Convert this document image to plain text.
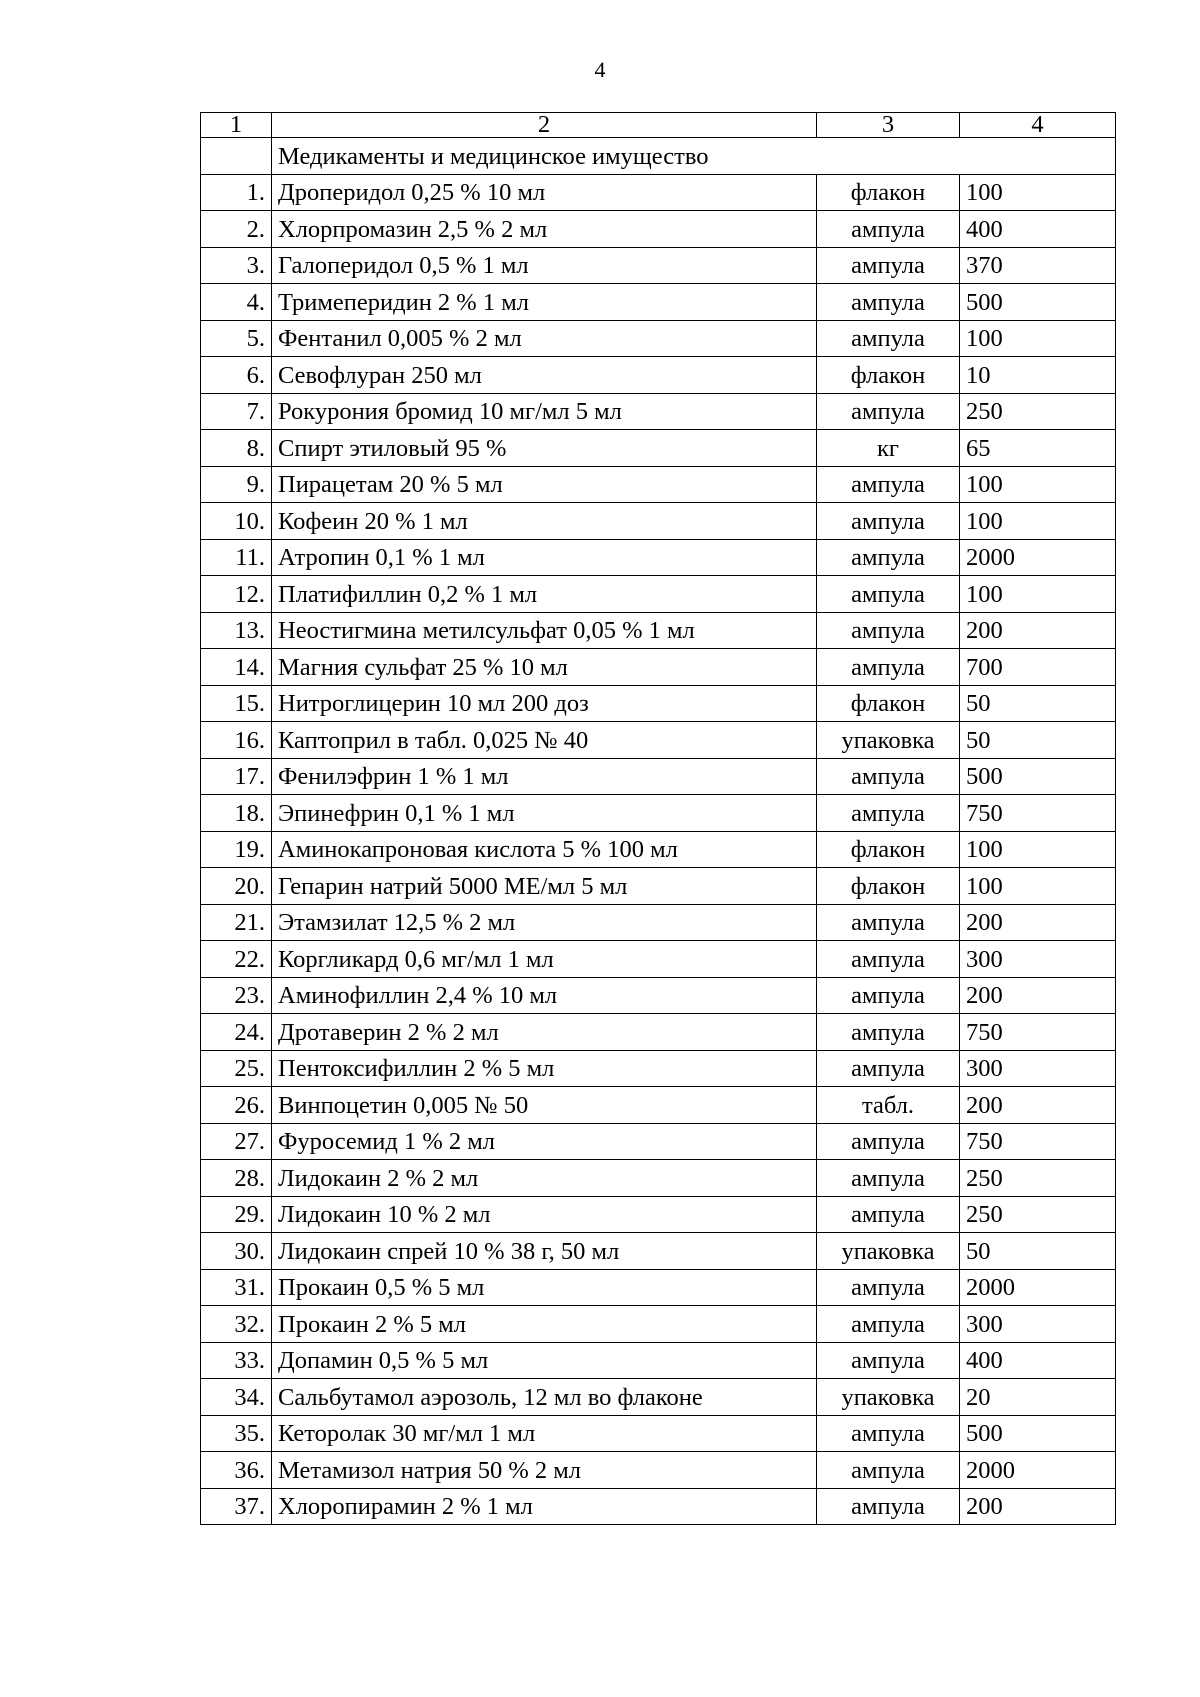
4
1	2	3	4
	Медикаменты и медицинское имущество		
1.	Дроперидол 0,25 % 10 мл	флакон	100
2.	Хлорпромазин 2,5 % 2 мл	ампула	400
3.	Галоперидол 0,5 % 1 мл	ампула	370
4.	Тримеперидин 2 % 1 мл	ампула	500
5.	Фентанил 0,005 % 2 мл	ампула	100
6.	Севофлуран 250 мл	флакон	10
7.	Рокурония бромид 10 мг/мл 5 мл	ампула	250
8.	Спирт этиловый 95 %	кг	65
9.	Пирацетам 20 % 5 мл	ампула	100
10.	Кофеин 20 % 1 мл	ампула	100
11.	Атропин 0,1 % 1 мл	ампула	2000
12.	Платифиллин 0,2 % 1 мл	ампула	100
13.	Неостигмина метилсульфат 0,05 % 1 мл	ампула	200
14.	Магния сульфат 25 % 10 мл	ампула	700
15.	Нитроглицерин 10 мл 200 доз	флакон	50
16.	Каптоприл в табл. 0,025 № 40	упаковка	50
17.	Фенилэфрин 1 % 1 мл	ампула	500
18.	Эпинефрин 0,1 % 1 мл	ампула	750
19.	Аминокапроновая кислота 5 % 100 мл	флакон	100
20.	Гепарин натрий 5000 МЕ/мл 5 мл	флакон	100
21.	Этамзилат 12,5 % 2 мл	ампула	200
22.	Коргликард 0,6 мг/мл 1 мл	ампула	300
23.	Аминофиллин 2,4 % 10 мл	ампула	200
24.	Дротаверин 2 % 2 мл	ампула	750
25.	Пентоксифиллин 2 % 5 мл	ампула	300
26.	Винпоцетин 0,005 № 50	табл.	200
27.	Фуросемид 1 % 2 мл	ампула	750
28.	Лидокаин 2 % 2 мл	ампула	250
29.	Лидокаин 10 % 2 мл	ампула	250
30.	Лидокаин спрей 10 % 38 г, 50 мл	упаковка	50
31.	Прокаин 0,5 % 5 мл	ампула	2000
32.	Прокаин 2 % 5 мл	ампула	300
33.	Допамин 0,5 % 5 мл	ампула	400
34.	Сальбутамол аэрозоль, 12 мл во флаконе	упаковка	20
35.	Кеторолак 30 мг/мл 1 мл	ампула	500
36.	Метамизол натрия 50 % 2 мл	ампула	2000
37.	Хлоропирамин 2 % 1 мл	ампула	200
